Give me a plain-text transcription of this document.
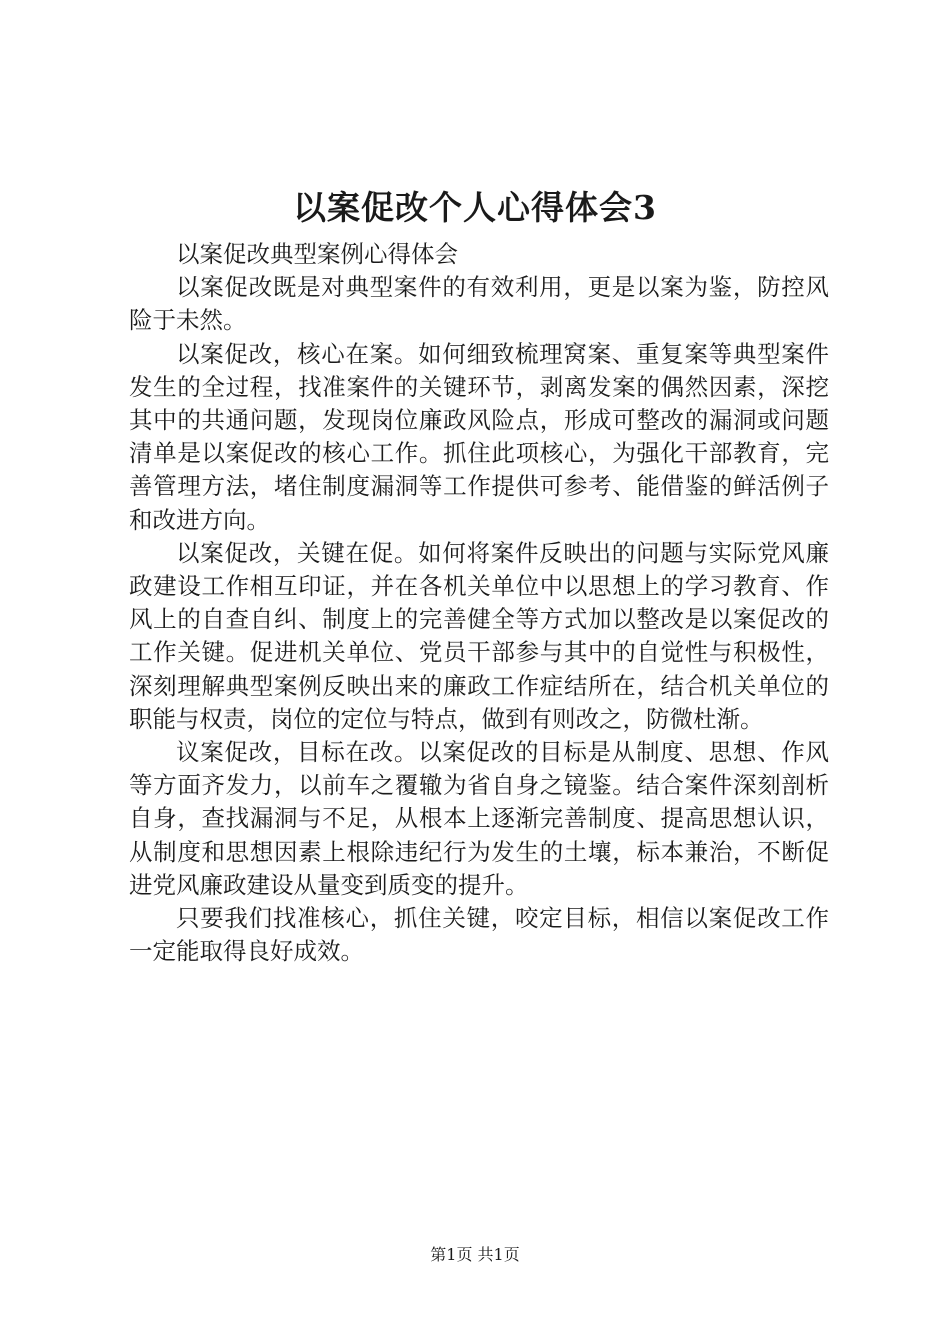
以案促改个人心得体会3

以案促改典型案例心得体会

以案促改既是对典型案件的有效利用，更是以案为鉴，防控风险于未然。

以案促改，核心在案。如何细致梳理窝案、重复案等典型案件发生的全过程，找准案件的关键环节，剥离发案的偶然因素，深挖其中的共通问题，发现岗位廉政风险点，形成可整改的漏洞或问题清单是以案促改的核心工作。抓住此项核心，为强化干部教育，完善管理方法，堵住制度漏洞等工作提供可参考、能借鉴的鲜活例子和改进方向。

以案促改，关键在促。如何将案件反映出的问题与实际党风廉政建设工作相互印证，并在各机关单位中以思想上的学习教育、作风上的自查自纠、制度上的完善健全等方式加以整改是以案促改的工作关键。促进机关单位、党员干部参与其中的自觉性与积极性，深刻理解典型案例反映出来的廉政工作症结所在，结合机关单位的职能与权责，岗位的定位与特点，做到有则改之，防微杜渐。

议案促改，目标在改。以案促改的目标是从制度、思想、作风等方面齐发力，以前车之覆辙为省自身之镜鉴。结合案件深刻剖析自身，查找漏洞与不足，从根本上逐渐完善制度、提高思想认识，从制度和思想因素上根除违纪行为发生的土壤，标本兼治，不断促进党风廉政建设从量变到质变的提升。

只要我们找准核心，抓住关键，咬定目标，相信以案促改工作一定能取得良好成效。

第1页 共1页
